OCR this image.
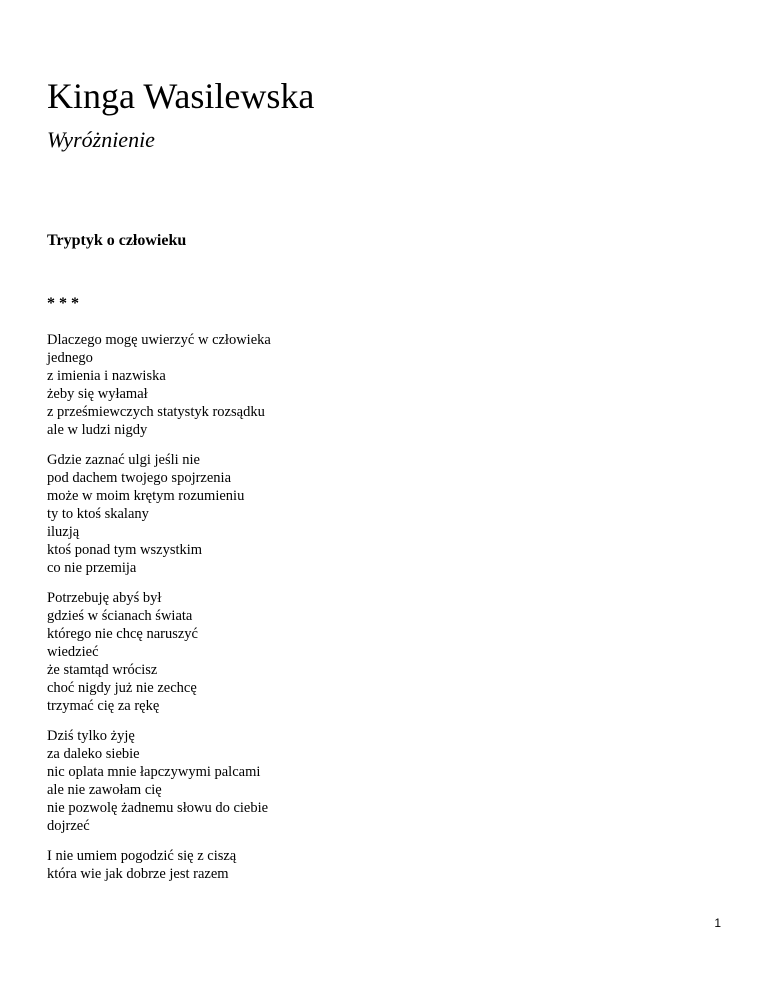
Kinga Wasilewska
Wyróżnienie
Tryptyk o człowieku
* * *
Dlaczego mogę uwierzyć w człowieka
jednego
z imienia i nazwiska
żeby się wyłamał
z prześmiewczych statystyk rozsądku
ale w ludzi nigdy
Gdzie zaznać ulgi jeśli nie
pod dachem twojego spojrzenia
może w moim krętym rozumieniu
ty to ktoś skalany
iluzją
ktoś ponad tym wszystkim
co nie przemija
Potrzebuję abyś był
gdzieś w ścianach świata
którego nie chcę naruszyć
wiedzieć
że stamtąd wrócisz
choć nigdy już nie zechcę
trzymać cię za rękę
Dziś tylko żyję
za daleko siebie
nic oplata mnie łapczywymi palcami
ale nie zawołam cię
nie pozwolę żadnemu słowu do ciebie
dojrzeć
I nie umiem pogodzić się z ciszą
która wie jak dobrze jest razem
1
